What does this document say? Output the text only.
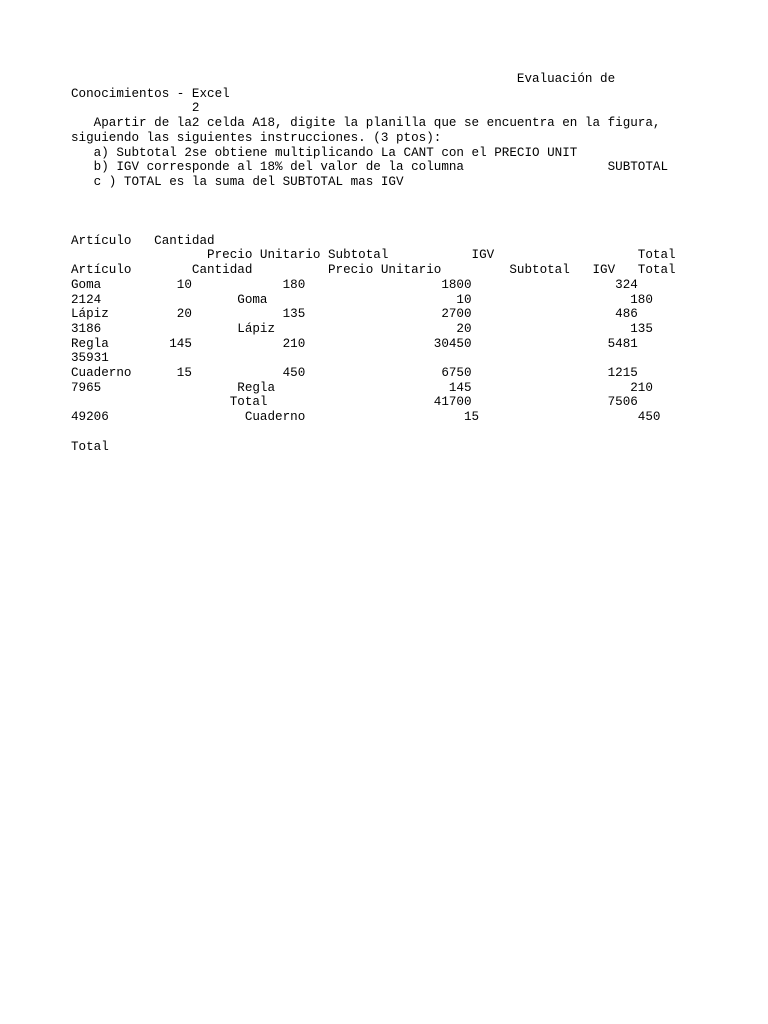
Evaluación de
Conocimientos - Excel
2
Apartir de la2 celda A18, digite la planilla que se encuentra en la figura,
siguiendo las siguientes instrucciones. (3 ptos):
a) Subtotal 2se obtiene multiplicando La CANT con el PRECIO UNIT
b) IGV corresponde al 18% del valor de la columna                   SUBTOTAL
c ) TOTAL es la suma del SUBTOTAL mas IGV

Artículo   Cantidad
Precio Unitario Subtotal           IGV                   Total
Artículo        Cantidad          Precio Unitario         Subtotal   IGV   Total
Goma          10            180                  1800                   324
2124                  Goma                         10                     180
Lápiz         20            135                  2700                   486
3186                  Lápiz                        20                     135
Regla        145            210                 30450                  5481
35931
Cuaderno      15            450                  6750                  1215
7965                  Regla                       145                     210
Total                      41700                  7506
49206                  Cuaderno                     15                     450

Total
